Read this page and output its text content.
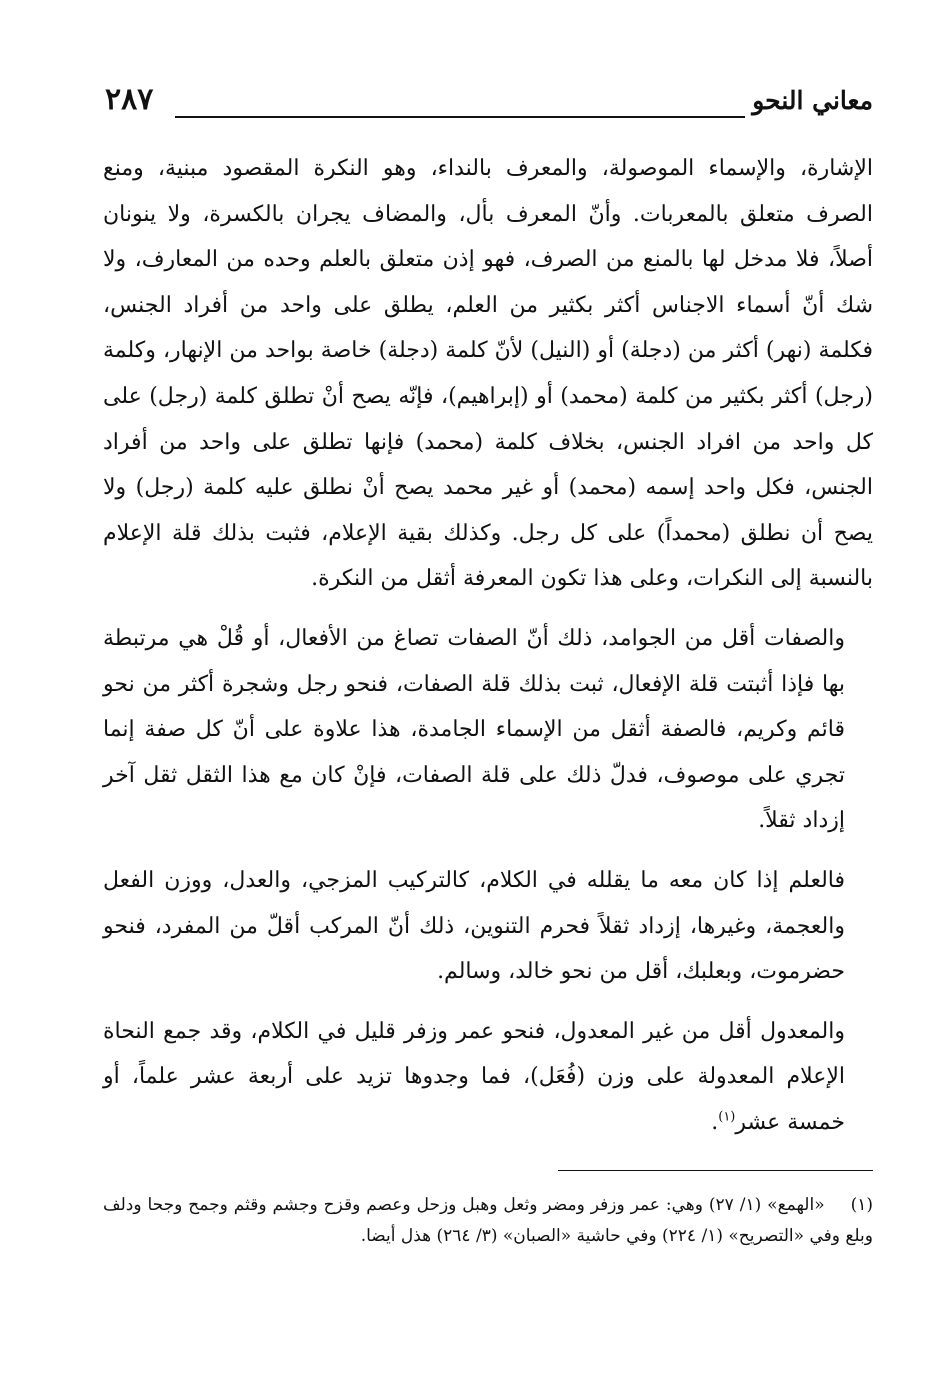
معاني النحو
٢٨٧

الإشارة، والإسماء الموصولة، والمعرف بالنداء، وهو النكرة المقصود مبنية، ومنع الصرف متعلق بالمعربات. وأنّ المعرف بأل، والمضاف يجران بالكسرة، ولا ينونان أصلاً، فلا مدخل لها بالمنع من الصرف، فهو إذن متعلق بالعلم وحده من المعارف، ولا شك أنّ أسماء الاجناس أكثر بكثير من العلم، يطلق على واحد من أفراد الجنس، فكلمة (نهر) أكثر من (دجلة) أو (النيل) لأنّ كلمة (دجلة) خاصة بواحد من الإنهار، وكلمة (رجل) أكثر بكثير من كلمة (محمد) أو (إبراهيم)، فإنّه يصح أنْ تطلق كلمة (رجل) على كل واحد من افراد الجنس، بخلاف كلمة (محمد) فإنها تطلق على واحد من أفراد الجنس، فكل واحد إسمه (محمد) أو غير محمد يصح أنْ نطلق عليه كلمة (رجل) ولا يصح أن نطلق (محمداً) على كل رجل. وكذلك بقية الإعلام، فثبت بذلك قلة الإعلام بالنسبة إلى النكرات، وعلى هذا تكون المعرفة أثقل من النكرة.

والصفات أقل من الجوامد، ذلك أنّ الصفات تصاغ من الأفعال، أو قُلْ هي مرتبطة بها فإذا أثبتت قلة الإفعال، ثبت بذلك قلة الصفات، فنحو رجل وشجرة أكثر من نحو قائم وكريم، فالصفة أثقل من الإسماء الجامدة، هذا علاوة على أنّ كل صفة إنما تجري على موصوف، فدلّ ذلك على قلة الصفات، فإنْ كان مع هذا الثقل ثقل آخر إزداد ثقلاً.

فالعلم إذا كان معه ما يقلله في الكلام، كالتركيب المزجي، والعدل، ووزن الفعل والعجمة، وغيرها، إزداد ثقلاً فحرم التنوين، ذلك أنّ المركب أقلّ من المفرد، فنحو حضرموت، وبعلبك، أقل من نحو خالد، وسالم.

والمعدول أقل من غير المعدول، فنحو عمر وزفر قليل في الكلام، وقد جمع النحاة الإعلام المعدولة على وزن (فُعَل)، فما وجدوها تزيد على أربعة عشر علماً، أو خمسة عشر$^{(١)}$.

(١)«الهمع» (١/ ٢٧) وهي: عمر وزفر ومضر وثعل وهبل وزحل وعصم وقزح وجشم وقثم وجمح وجحا ودلف وبلع وفي «التصريح» (١/ ٢٢٤) وفي حاشية «الصبان» (٣/ ٢٦٤) هذل أيضا.
